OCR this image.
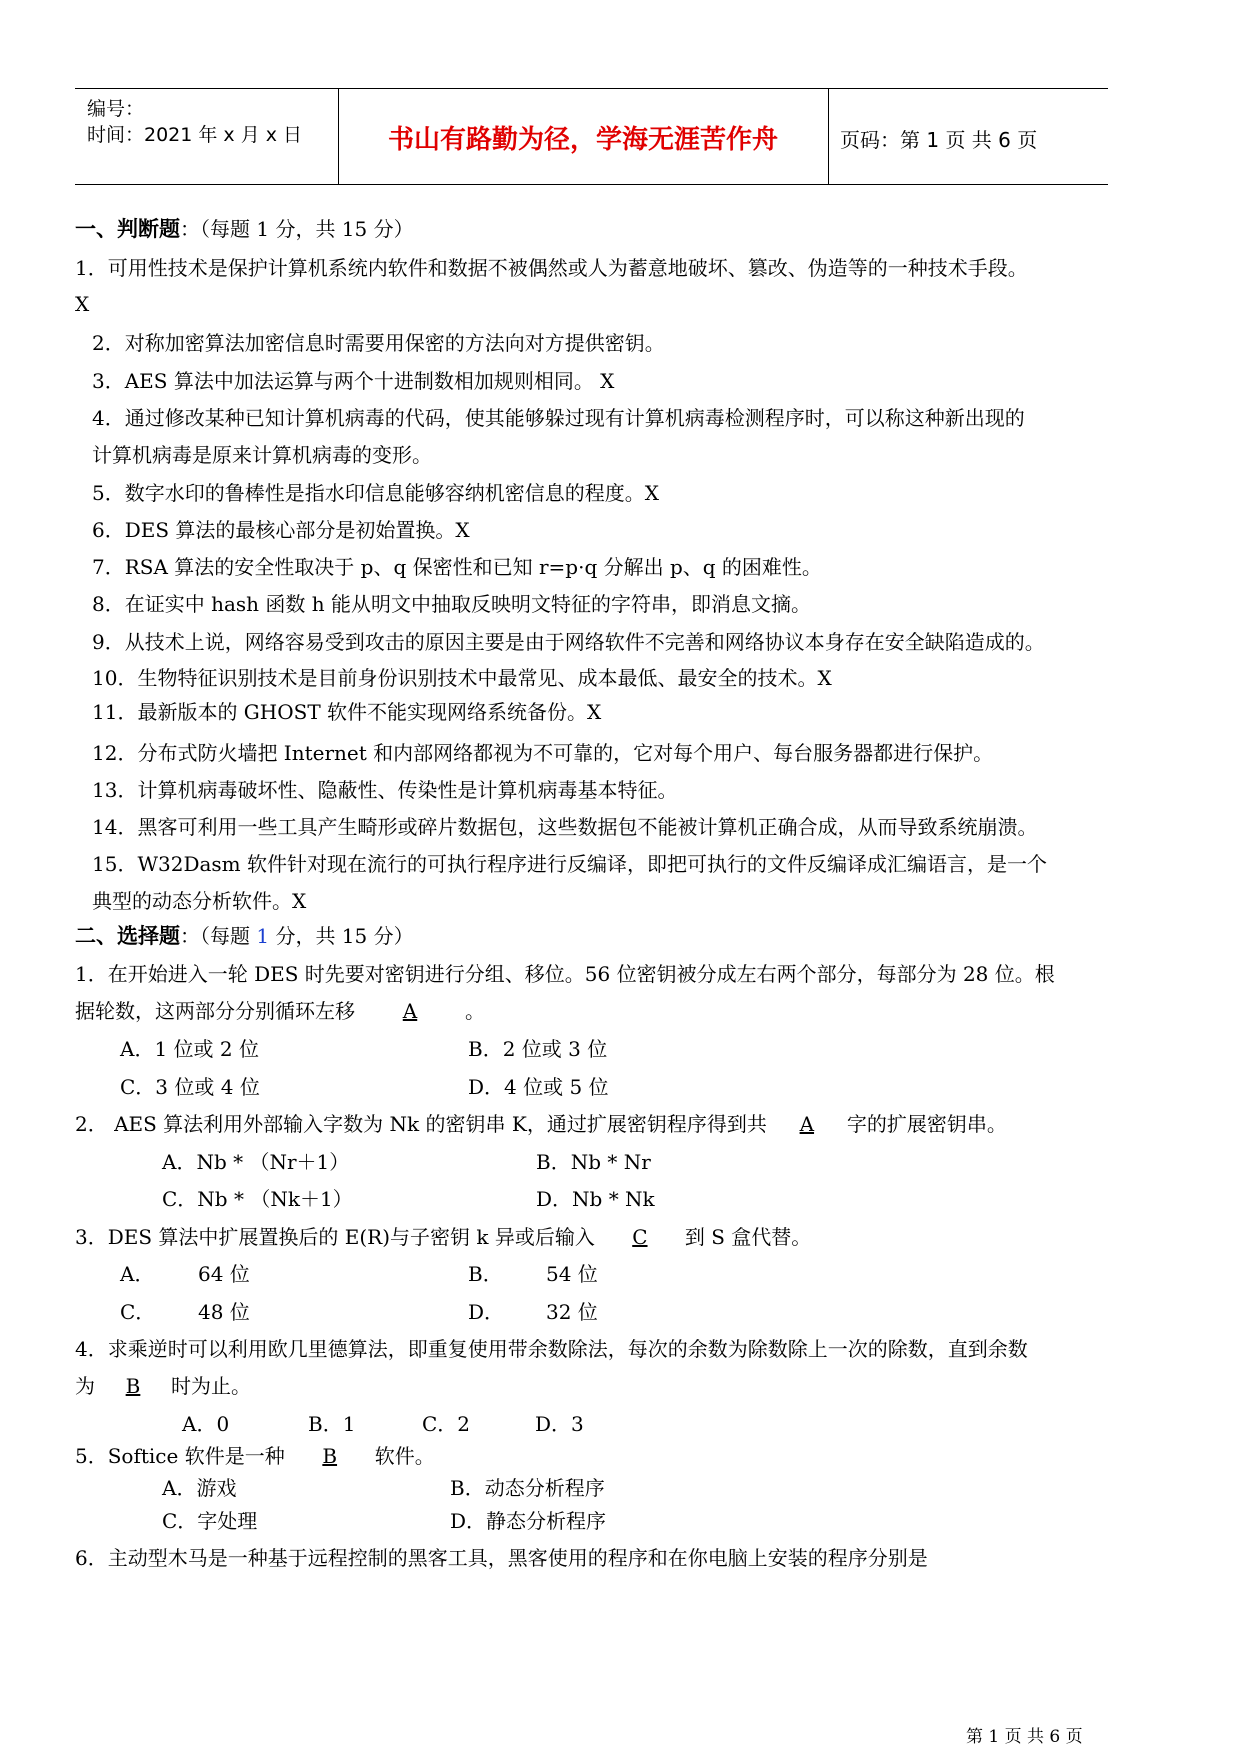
编号：
时间：2021 年 x 月 x 日	书山有路勤为径，学海无涯苦作舟	页码：第 1 页 共 6 页
一、判断题：（每题 1 分，共 15 分）
1．可用性技术是保护计算机系统内软件和数据不被偶然或人为蓄意地破坏、篡改、伪造等的一种技术手段。
X
2．对称加密算法加密信息时需要用保密的方法向对方提供密钥。
3．AES 算法中加法运算与两个十进制数相加规则相同。 X
4．通过修改某种已知计算机病毒的代码，使其能够躲过现有计算机病毒检测程序时，可以称这种新出现的
计算机病毒是原来计算机病毒的变形。
5．数字水印的鲁棒性是指水印信息能够容纳机密信息的程度。X
6．DES 算法的最核心部分是初始置换。X
7．RSA 算法的安全性取决于 p、q 保密性和已知 r=p·q 分解出 p、q 的困难性。
8．在证实中 hash 函数 h 能从明文中抽取反映明文特征的字符串，即消息文摘。
9．从技术上说，网络容易受到攻击的原因主要是由于网络软件不完善和网络协议本身存在安全缺陷造成的。
10．生物特征识别技术是目前身份识别技术中最常见、成本最低、最安全的技术。X
11．最新版本的 GHOST 软件不能实现网络系统备份。X
12．分布式防火墙把 Internet 和内部网络都视为不可靠的，它对每个用户、每台服务器都进行保护。
13．计算机病毒破坏性、隐蔽性、传染性是计算机病毒基本特征。
14．黑客可利用一些工具产生畸形或碎片数据包，这些数据包不能被计算机正确合成，从而导致系统崩溃。
15．W32Dasm 软件针对现在流行的可执行程序进行反编译，即把可执行的文件反编译成汇编语言，是一个
典型的动态分析软件。X
二、选择题：（每题 1 分，共 15 分）
1．在开始进入一轮 DES 时先要对密钥进行分组、移位。56 位密钥被分成左右两个部分，每部分为 28 位。根
据轮数，这两部分分别循环左移 A 。
A．1 位或 2 位	B．2 位或 3 位
C．3 位或 4 位	D．4 位或 5 位
2． AES 算法利用外部输入字数为 Nk 的密钥串 K，通过扩展密钥程序得到共 A 字的扩展密钥串。
A．Nb * （Nr＋1）	B．Nb * Nr
C．Nb * （Nk＋1）	D．Nb * Nk
3．DES 算法中扩展置换后的 E(R)与子密钥 k 异或后输入 C 到 S 盒代替。
A． 64 位	B． 54 位
C． 48 位	D． 32 位
4．求乘逆时可以利用欧几里德算法，即重复使用带余数除法，每次的余数为除数除上一次的除数，直到余数
为 B 时为止。
A．0	B．1	C．2	D．3
5．Softice 软件是一种 B 软件。
A．游戏	B．动态分析程序
C．字处理	D．静态分析程序
6．主动型木马是一种基于远程控制的黑客工具，黑客使用的程序和在你电脑上安装的程序分别是
第 1 页 共 6 页
